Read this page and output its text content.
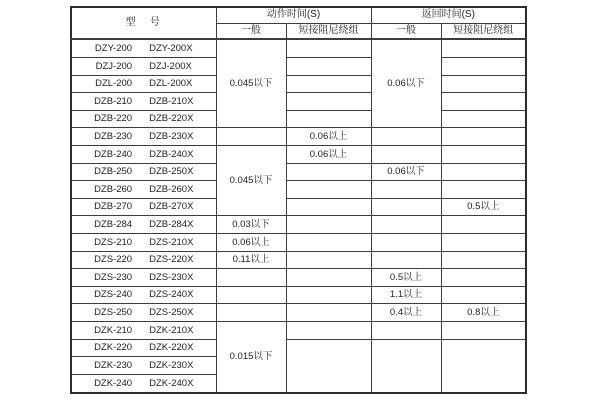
型　号	动作时间(S)		返回时间(S)	
	一般	短接阻尼绕组	一般	短接阻尼绕组

DZY-200 DZY-200X	0.045以下		0.06以下	

DZJ-200 DZJ-200X				

DZL-200 DZL-200X				

DZB-210 DZB-210X				

DZB-220 DZB-220X				

DZB-230 DZB-230X		0.06以上		

DZB-240 DZB-240X	0.045以下	0.06以上		

DZB-250 DZB-250X			0.06以下	

DZB-260 DZB-260X				

DZB-270 DZB-270X				0.5以上

DZB-284 DZB-284X	0.03以下			

DZS-210 DZS-210X	0.06以上			

DZS-220 DZS-220X	0.11以上			

DZS-230 DZS-230X			0.5以上	

DZS-240 DZS-240X			1.1以上	

DZS-250 DZS-250X			0.4以上	0.8以上

DZK-210 DZK-210X	0.015以下			

DZK-220 DZK-220X				

DZK-230 DZK-230X				

DZK-240 DZK-240X				
